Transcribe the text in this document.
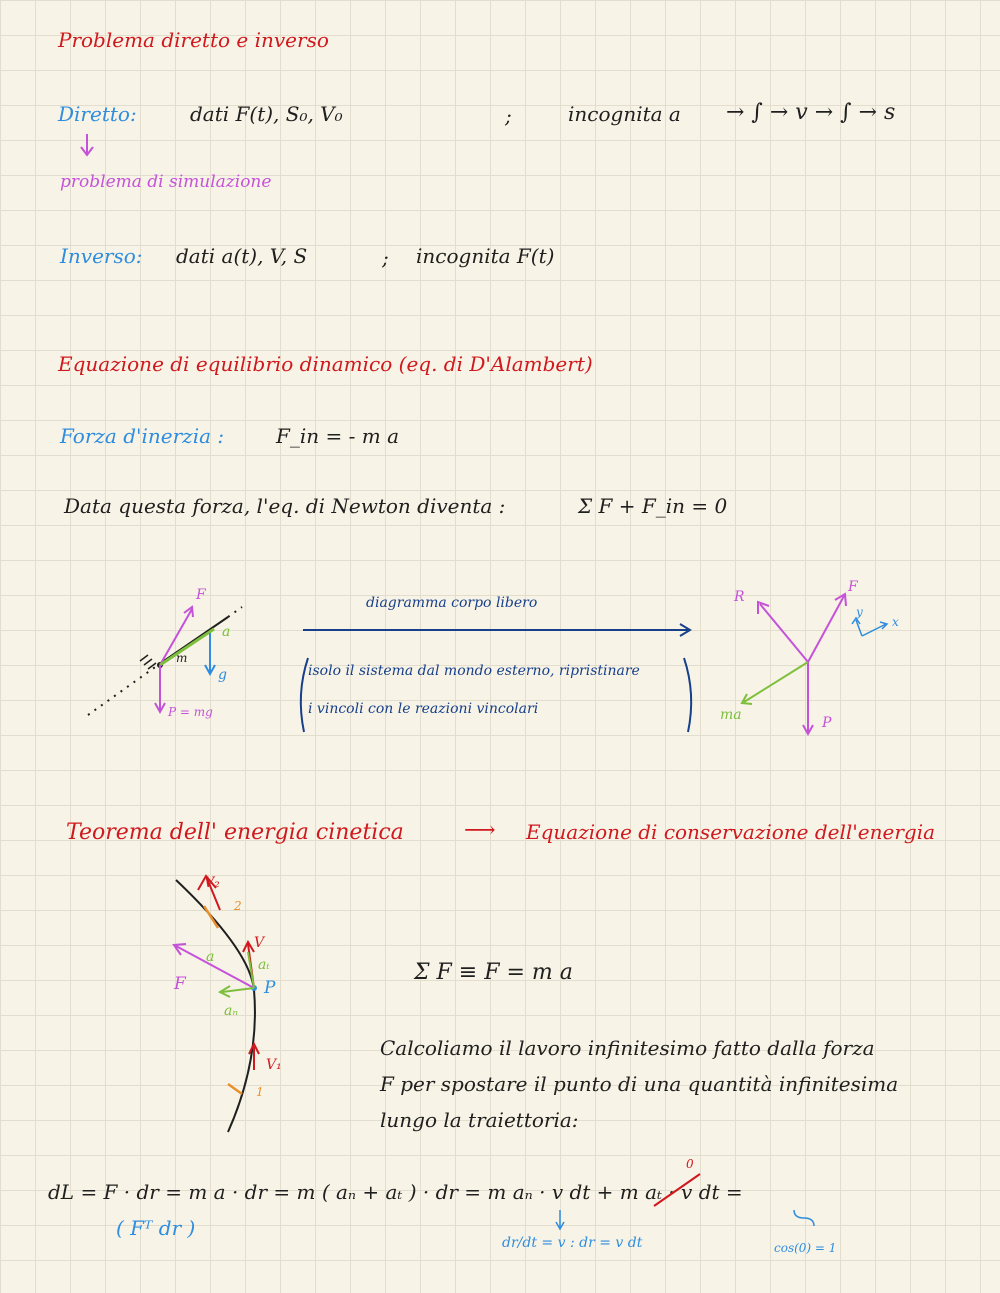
Problema diretto e inverso
Diretto:	dati F(t), S₀, V₀	;	incognita a → ∫ → v → ∫ → s
problema di simulazione
Inverso: dati a(t), V, S	; incognita F(t)
Equazione di equilibrio dinamico (eq. di D'Alambert)
Forza d'inerzia :	F_in = - m a
Data questa forza, l'eq. di Newton diventa :	Σ F + F_in = 0
F
a
m
g
P = mg
diagramma corpo libero
isolo il sistema dal mondo esterno, ripristinare
i vincoli con le reazioni vincolari
R
F
y
x
ma	P
Teorema dell' energia cinetica	⟶ Equazione di conservazione dell'energia
V₂
2
V
a	aₜ
F	P
aₙ
V₁
1
Σ F ≡ F = m a
Calcoliamo il lavoro infinitesimo fatto dalla forza
F per spostare il punto di una quantità infinitesima
lungo la traiettoria:
dL = F · dr = m a · dr = m ( aₙ + aₜ ) · dr = m aₙ · v dt + m aₜ · v dt =
0
( Fᵀ dr )
dr/dt = v : dr = v dt	cos(0) = 1
